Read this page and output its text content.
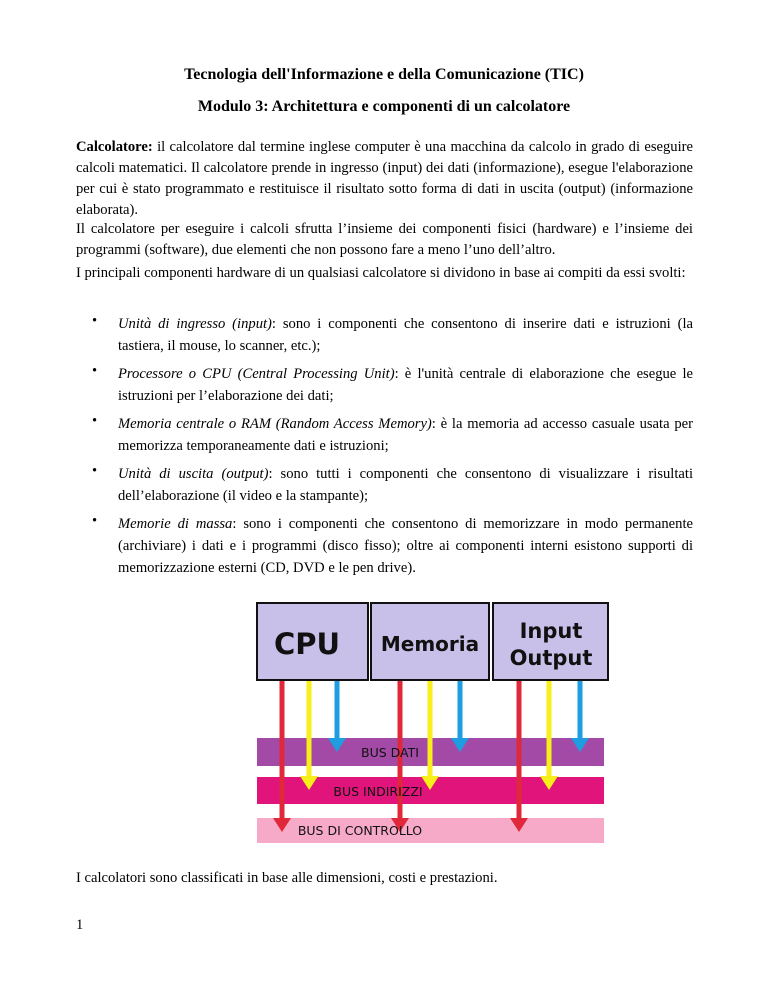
Tecnologia dell'Informazione e della Comunicazione (TIC)
Modulo 3: Architettura e componenti di un calcolatore
Calcolatore: il calcolatore dal termine inglese computer è una macchina da calcolo in grado di eseguire calcoli matematici. Il calcolatore prende in ingresso (input) dei dati (informazione), esegue l'elaborazione per cui è stato programmato e restituisce il risultato sotto forma di dati in uscita (output) (informazione elaborata).
Il calcolatore per eseguire i calcoli sfrutta l’insieme dei componenti fisici (hardware) e l’insieme dei programmi (software), due elementi che non possono fare a meno l’uno dell’altro.
I principali componenti hardware di un qualsiasi calcolatore si dividono in base ai compiti da essi svolti:
• Unità di ingresso (input): sono i componenti che consentono di inserire dati e istruzioni (la tastiera, il mouse, lo scanner, etc.);
• Processore o CPU (Central Processing Unit): è l'unità centrale di elaborazione che esegue le istruzioni per l’elaborazione dei dati;
• Memoria centrale o RAM (Random Access Memory): è la memoria ad accesso casuale usata per memorizza temporaneamente dati e istruzioni;
• Unità di uscita (output): sono tutti i componenti che consentono di visualizzare i risultati dell’elaborazione (il video e la stampante);
• Memorie di massa: sono i componenti che consentono di memorizzare in modo permanente (archiviare) i dati e i programmi (disco fisso); oltre ai componenti interni esistono supporti di memorizzazione esterni (CD, DVD e le pen drive).
CPU Memoria
Input
Output
BUS DATI
BUS INDIRIZZI
BUS DI CONTROLLO
I calcolatori sono classificati in base alle dimensioni, costi e prestazioni.
1
